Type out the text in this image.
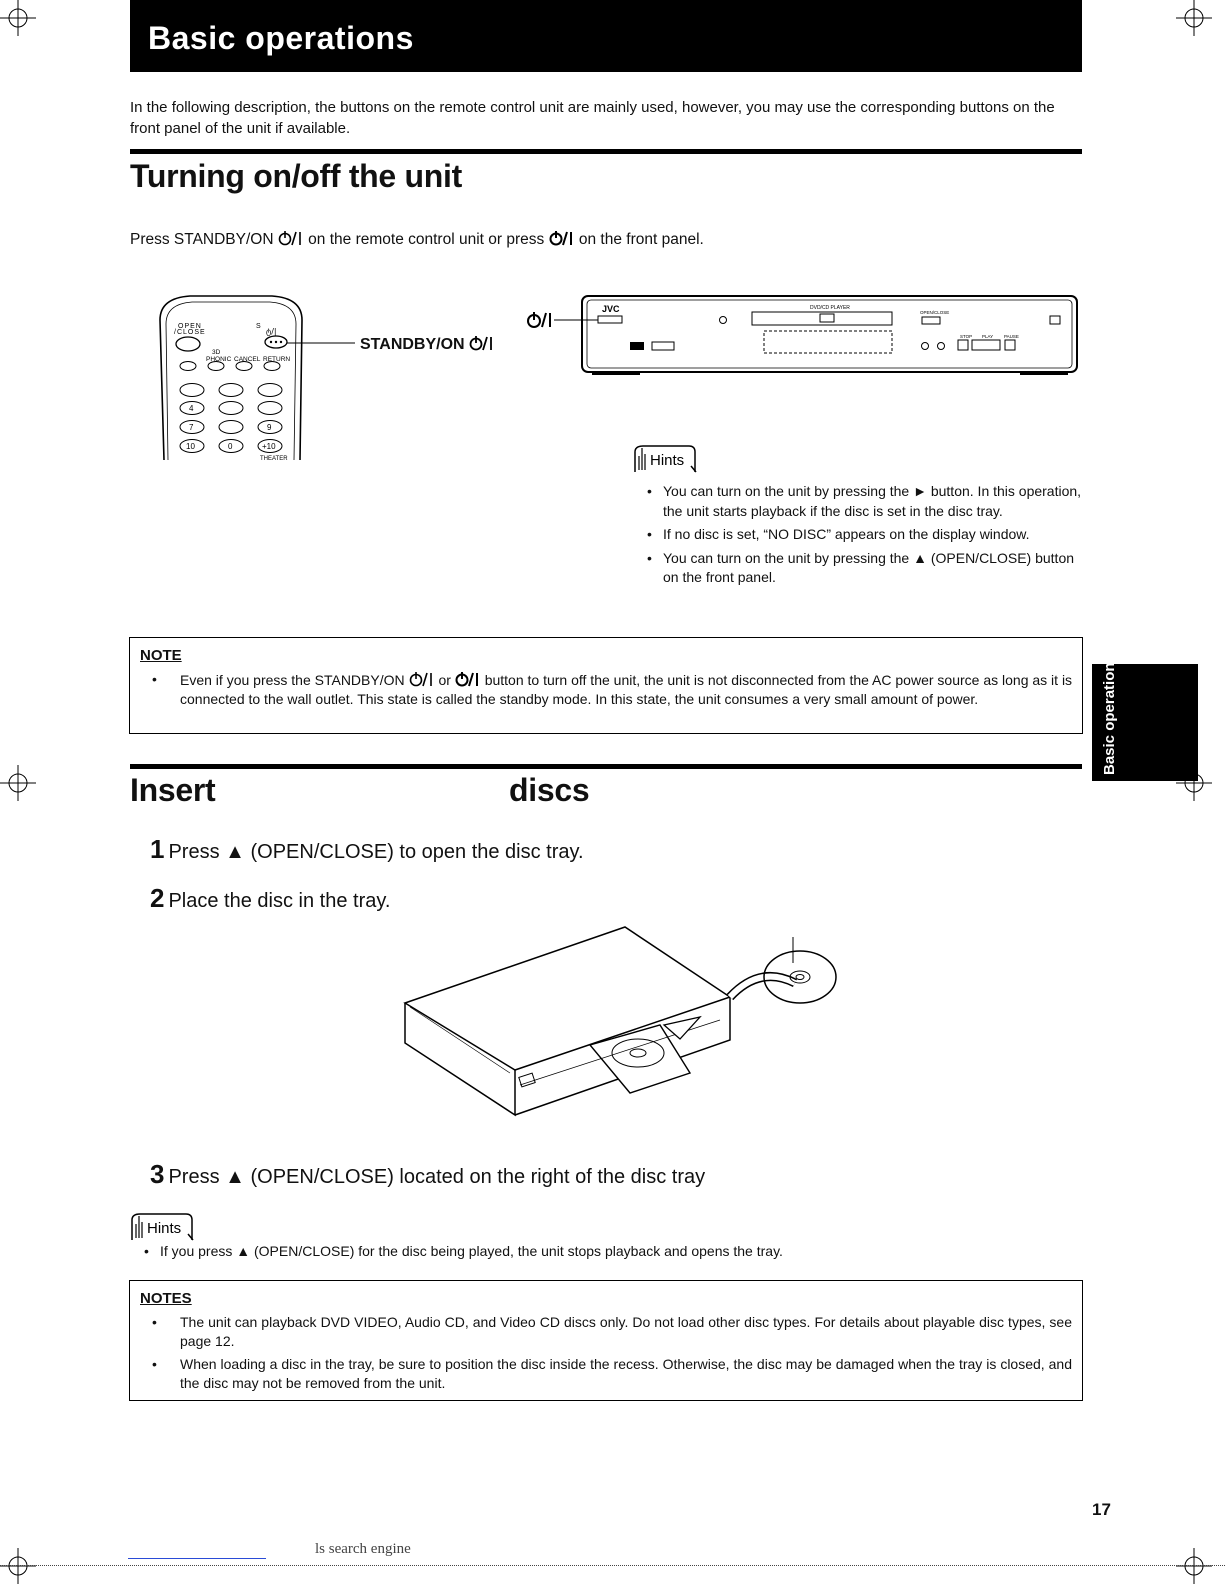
Basic operations
In the following description, the buttons on the remote control unit are mainly used, however, you may use the corresponding buttons on the front panel of the unit if available.
Turning on/off the unit
Press STANDBY/ON on the remote control unit or press on the front panel.
OPEN
/CLOSE
S
ტ/|
3D
PHONIC CANCEL RETURN
4
7	9
10	0	+10
THEATER
STANDBY/ON
JVC	DVD/CD PLAYER
OPEN/CLOSE
STOP PLAY PAUSE
Hints
• You can turn on the unit by pressing the ► button. In this operation, the unit starts playback if the disc is set in the disc tray.
• If no disc is set, “NO DISC” appears on the display window.
• You can turn on the unit by pressing the ▲ (OPEN/CLOSE) button on the front panel.
NOTE
• Even if you press the STANDBY/ON or button to turn off the unit, the unit is not disconnected from the AC power source as long as it is connected to the wall outlet. This state is called the standby mode. In this state, the unit consumes a very small amount of power.	Basic operations
Insert	discs
1 Press ▲ (OPEN/CLOSE) to open the disc tray.
2 Place the disc in the tray.
3 Press ▲ (OPEN/CLOSE) located on the right of the disc tray
Hints
• If you press ▲ (OPEN/CLOSE) for the disc being played, the unit stops playback and opens the tray.
NOTES
• The unit can playback DVD VIDEO, Audio CD, and Video CD discs only. Do not load other disc types. For details about playable disc types, see page 12.
• When loading a disc in the tray, be sure to position the disc inside the recess. Otherwise, the disc may be damaged when the tray is closed, and the disc may not be removed from the unit.
17
ls search engine
